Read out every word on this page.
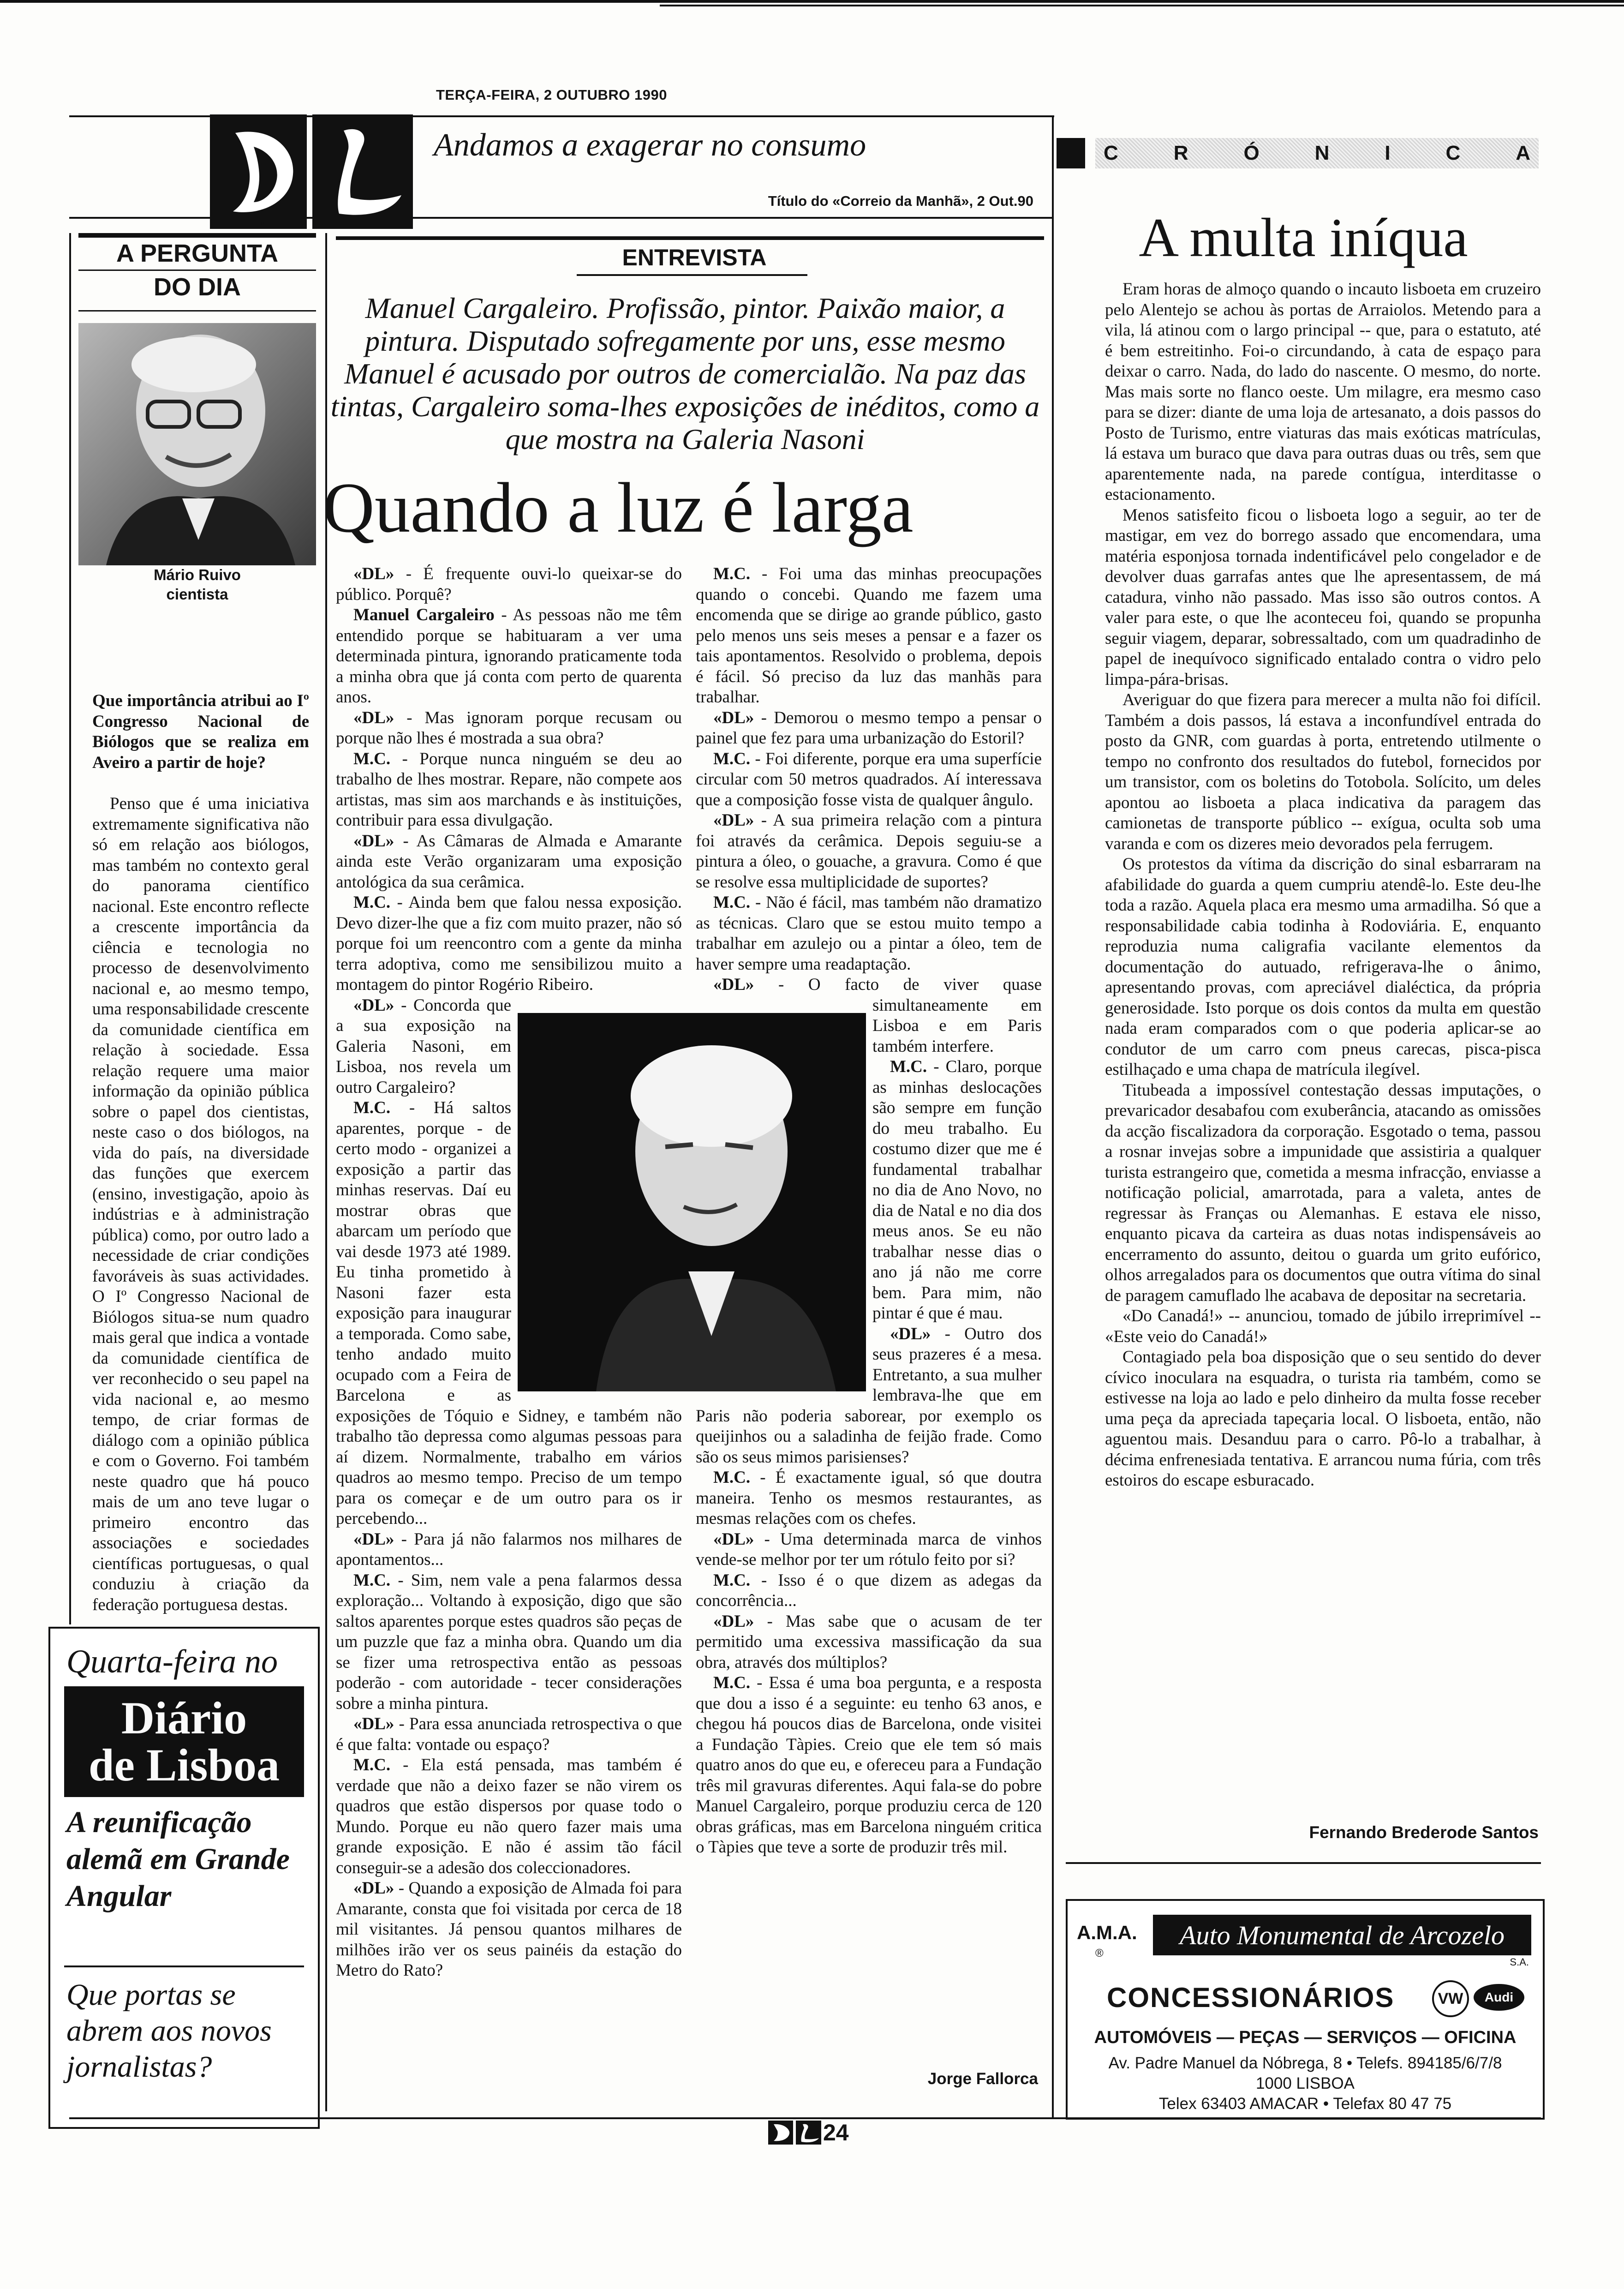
D
TERÇA-FEIRA, 2 OUTUBRO 1990
Andamos a exagerar no consumo
Título do «Correio da Manhã», 2 Out.90
C	R	Ó	N	I	C	A
A PERGUNTA
DO DIA
Mário Ruivo
cientista
Que importância atribui ao Iº Congresso Nacional de Biólogos que se realiza em Aveiro a partir de hoje?

Penso que é uma iniciativa extremamente significativa não só em relação aos biólogos, mas também no contexto geral do panorama científico nacional. Este encontro reflecte a crescente importância da ciência e tecnologia no processo de desenvolvimento nacional e, ao mesmo tempo, uma responsabilidade crescente da comunidade científica em relação à sociedade. Essa relação requere uma maior informação da opinião pública sobre o papel dos cientistas, neste caso o dos biólogos, na vida do país, na diversidade das funções que exercem (ensino, investigação, apoio às indústrias e à administração pública) como, por outro lado a necessidade de criar condições favoráveis às suas actividades. O Iº Congresso Nacional de Biólogos situa-se num quadro mais geral que indica a vontade da comunidade científica de ver reconhecido o seu papel na vida nacional e, ao mesmo tempo, de criar formas de diálogo com a opinião pública e com o Governo. Foi também neste quadro que há pouco mais de um ano teve lugar o primeiro encontro das associações e sociedades científicas portuguesas, o qual conduziu à criação da federação portuguesa destas.

Quarta-feira no
Diário
de Lisboa
A reunificação alemã em Grande Angular
Que portas se abrem aos novos jornalistas?
ENTREVISTA
Manuel Cargaleiro. Profissão, pintor. Paixão maior, a pintura. Disputado sofregamente por uns, esse mesmo Manuel é acusado por outros de comercialão. Na paz das tintas, Cargaleiro soma-lhes exposições de inéditos, como a que mostra na Galeria Nasoni
Quando a luz é larga

«DL» - É frequente ouvi-lo queixar-se do público. Porquê?

Manuel Cargaleiro - As pessoas não me têm entendido porque se habituaram a ver uma determinada pintura, ignorando praticamente toda a minha obra que já conta com perto de quarenta anos.

«DL» - Mas ignoram porque recusam ou porque não lhes é mostrada a sua obra?

M.C. - Porque nunca ninguém se deu ao trabalho de lhes mostrar. Repare, não compete aos artistas, mas sim aos marchands e às instituições, contribuir para essa divulgação.

«DL» - As Câmaras de Almada e Amarante ainda este Verão organizaram uma exposição antológica da sua cerâmica.

M.C. - Ainda bem que falou nessa exposição. Devo dizer-lhe que a fiz com muito prazer, não só porque foi um reencontro com a gente da minha terra adoptiva, como me sensibilizou muito a montagem do pintor Rogério Ribeiro.

«DL» - Concorda que a sua exposição na Galeria Nasoni, em Lisboa, nos revela um outro Cargaleiro?

M.C. - Há saltos aparentes, porque - de certo modo - organizei a exposição a partir das minhas reservas. Daí eu mostrar obras que abarcam um período que vai desde 1973 até 1989. Eu tinha prometido à Nasoni fazer esta exposição para inaugurar a temporada. Como sabe, tenho andado muito ocupado com a Feira de Barcelona e as exposições de Tóquio e Sidney, e também não trabalho tão depressa como algumas pessoas para aí dizem. Normalmente, trabalho em vários quadros ao mesmo tempo. Preciso de um tempo para os começar e de um outro para os ir percebendo...

«DL» - Para já não falarmos nos milhares de apontamentos...

M.C. - Sim, nem vale a pena falarmos dessa exploração... Voltando à exposição, digo que são saltos aparentes porque estes quadros são peças de um puzzle que faz a minha obra. Quando um dia se fizer uma retrospectiva então as pessoas poderão - com autoridade - tecer considerações sobre a minha pintura.

«DL» - Para essa anunciada retrospectiva o que é que falta: vontade ou espaço?

M.C. - Ela está pensada, mas também é verdade que não a deixo fazer se não virem os quadros que estão dispersos por quase todo o Mundo. Porque eu não quero fazer mais uma grande exposição. E não é assim tão fácil conseguir-se a adesão dos coleccionadores.

«DL» - Quando a exposição de Almada foi para Amarante, consta que foi visitada por cerca de 18 mil visitantes. Já pensou quantos milhares de milhões irão ver os seus painéis da estação do Metro do Rato?

M.C. - Foi uma das minhas preocupações quando o concebi. Quando me fazem uma encomenda que se dirige ao grande público, gasto pelo menos uns seis meses a pensar e a fazer os tais apontamentos. Resolvido o problema, depois é fácil. Só preciso da luz das manhãs para trabalhar.

«DL» - Demorou o mesmo tempo a pensar o painel que fez para uma urbanização do Estoril?

M.C. - Foi diferente, porque era uma superfície circular com 50 metros quadrados. Aí interessava que a composição fosse vista de qualquer ângulo.

«DL» - A sua primeira relação com a pintura foi através da cerâmica. Depois seguiu-se a pintura a óleo, o gouache, a gravura. Como é que se resolve essa multiplicidade de suportes?

M.C. - Não é fácil, mas também não dramatizo as técnicas. Claro que se estou muito tempo a trabalhar em azulejo ou a pintar a óleo, tem de haver sempre uma readaptação.

«DL» - O facto de viver quase simultaneamente em Lisboa e em Paris também interfere.

M.C. - Claro, porque as minhas deslocações são sempre em função do meu trabalho. Eu costumo dizer que me é fundamental trabalhar no dia de Ano Novo, no dia de Natal e no dia dos meus anos. Se eu não trabalhar nesse dias o ano já não me corre bem. Para mim, não pintar é que é mau.

«DL» - Outro dos seus prazeres é a mesa. Entretanto, a sua mulher lembrava-lhe que em Paris não poderia saborear, por exemplo os queijinhos ou a saladinha de feijão frade. Como são os seus mimos parisienses?

M.C. - É exactamente igual, só que doutra maneira. Tenho os mesmos restaurantes, as mesmas relações com os chefes.

«DL» - Uma determinada marca de vinhos vende-se melhor por ter um rótulo feito por si?

M.C. - Isso é o que dizem as adegas da concorrência...

«DL» - Mas sabe que o acusam de ter permitido uma excessiva massificação da sua obra, através dos múltiplos?

M.C. - Essa é uma boa pergunta, e a resposta que dou a isso é a seguinte: eu tenho 63 anos, e chegou há poucos dias de Barcelona, onde visitei a Fundação Tàpies. Creio que ele tem só mais quatro anos do que eu, e ofereceu para a Fundação três mil gravuras diferentes. Aqui fala-se do pobre Manuel Cargaleiro, porque produziu cerca de 120 obras gráficas, mas em Barcelona ninguém critica o Tàpies que teve a sorte de produzir três mil.

Jorge Fallorca
A multa iníqua

Eram horas de almoço quando o incauto lisboeta em cruzeiro pelo Alentejo se achou às portas de Arraiolos. Metendo para a vila, lá atinou com o largo principal -- que, para o estatuto, até é bem estreitinho. Foi-o circundando, à cata de espaço para deixar o carro. Nada, do lado do nascente. O mesmo, do norte. Mas mais sorte no flanco oeste. Um milagre, era mesmo caso para se dizer: diante de uma loja de artesanato, a dois passos do Posto de Turismo, entre viaturas das mais exóticas matrículas, lá estava um buraco que dava para outras duas ou três, sem que aparentemente nada, na parede contígua, interditasse o estacionamento.

Menos satisfeito ficou o lisboeta logo a seguir, ao ter de mastigar, em vez do borrego assado que encomendara, uma matéria esponjosa tornada indentificável pelo congelador e de devolver duas garrafas antes que lhe apresentassem, de má catadura, vinho não passado. Mas isso são outros contos. A valer para este, o que lhe aconteceu foi, quando se propunha seguir viagem, deparar, sobressaltado, com um quadradinho de papel de inequívoco significado entalado contra o vidro pelo limpa-pára-brisas.

Averiguar do que fizera para merecer a multa não foi difícil. Também a dois passos, lá estava a inconfundível entrada do posto da GNR, com guardas à porta, entretendo utilmente o tempo no confronto dos resultados do futebol, fornecidos por um transistor, com os boletins do Totobola. Solícito, um deles apontou ao lisboeta a placa indicativa da paragem das camionetas de transporte público -- exígua, oculta sob uma varanda e com os dizeres meio devorados pela ferrugem.

Os protestos da vítima da discrição do sinal esbarraram na afabilidade do guarda a quem cumpriu atendê-lo. Este deu-lhe toda a razão. Aquela placa era mesmo uma armadilha. Só que a responsabilidade cabia todinha à Rodoviária. E, enquanto reproduzia numa caligrafia vacilante elementos da documentação do autuado, refrigerava-lhe o ânimo, apresentando provas, com apreciável dialéctica, da própria generosidade. Isto porque os dois contos da multa em questão nada eram comparados com o que poderia aplicar-se ao condutor de um carro com pneus carecas, pisca-pisca estilhaçado e uma chapa de matrícula ilegível.

Titubeada a impossível contestação dessas imputações, o prevaricador desabafou com exuberância, atacando as omissões da acção fiscalizadora da corporação. Esgotado o tema, passou a rosnar invejas sobre a impunidade que assistiria a qualquer turista estrangeiro que, cometida a mesma infracção, enviasse a notificação policial, amarrotada, para a valeta, antes de regressar às Franças ou Alemanhas. E estava ele nisso, enquanto picava da carteira as duas notas indispensáveis ao encerramento do assunto, deitou o guarda um grito eufórico, olhos arregalados para os documentos que outra vítima do sinal de paragem camuflado lhe acabava de depositar na secretaria.

«Do Canadá!» -- anunciou, tomado de júbilo irreprimível -- «Este veio do Canadá!»

Contagiado pela boa disposição que o seu sentido do dever cívico inoculara na esquadra, o turista ria também, como se estivesse na loja ao lado e pelo dinheiro da multa fosse receber uma peça da apreciada tapeçaria local. O lisboeta, então, não aguentou mais. Desanduu para o carro. Pô-lo a trabalhar, à décima enfrenesiada tentativa. E arrancou numa fúria, com três estoiros do escape esburacado.

Fernando Brederode Santos
A.M.A.
®
Auto Monumental de Arcozelo
S.A.
CONCESSIONÁRIOS	VW	Audi
AUTOMÓVEIS — PEÇAS — SERVIÇOS — OFICINA
Av. Padre Manuel da Nóbrega, 8 • Telefs. 894185/6/7/8
1000 LISBOA
Telex 63403 AMACAR • Telefax 80 47 75
24
